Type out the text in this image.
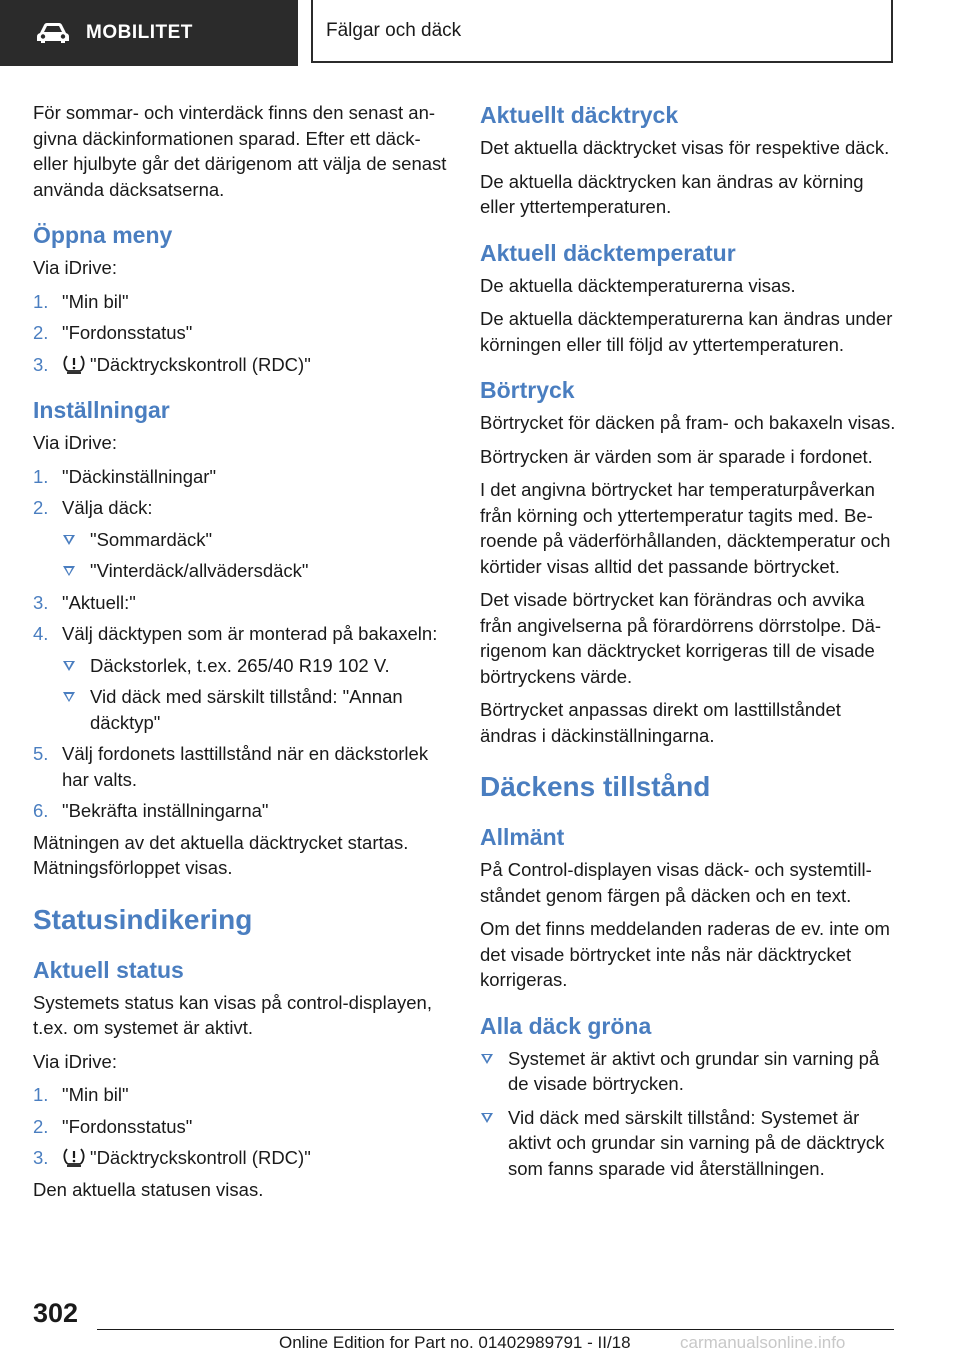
MOBILITET	Fälgar och däck

För sommar- och vinterdäck finns den senast angivna däckinformationen sparad. Efter ett däck- eller hjulbyte går det därigenom att välja de senast använda däcksatserna.

Öppna meny

Via iDrive:

1. "Min bil"
2. "Fordonsstatus"
3. "Däcktryckskontroll (RDC)"
Inställningar

Via iDrive:

1. "Däckinställningar"
2. Välja däck:
"Sommardäck"
"Vinterdäck/allvädersdäck"
3. "Aktuell:"
4. Välj däcktypen som är monterad på bakaxeln:
Däckstorlek, t.ex. 265/40 R19 102 V.
Vid däck med särskilt tillstånd: "Annan däcktyp"
5. Välj fordonets lasttillstånd när en däckstorlek har valts.
6. "Bekräfta inställningarna"

Mätningen av det aktuella däcktrycket startas. Mätningsförloppet visas.

Statusindikering
Aktuell status

Systemets status kan visas på control-displayen, t.ex. om systemet är aktivt.

Via iDrive:

1. "Min bil"
2. "Fordonsstatus"
3. "Däcktryckskontroll (RDC)"

Den aktuella statusen visas.

Aktuellt däcktryck

Det aktuella däcktrycket visas för respektive däck.

De aktuella däcktrycken kan ändras av körning eller yttertemperaturen.

Aktuell däcktemperatur

De aktuella däcktemperaturerna visas.

De aktuella däcktemperaturerna kan ändras under körningen eller till följd av yttertemperaturen.

Börtryck

Börtrycket för däcken på fram- och bakaxeln visas.

Börtrycken är värden som är sparade i fordonet.

I det angivna börtrycket har temperaturpåverkan från körning och yttertemperatur tagits med. Beroende på väderförhållanden, däcktemperatur och körtider visas alltid det passande börtrycket.

Det visade börtrycket kan förändras och avvika från angivelserna på förardörrens dörrstolpe. Därigenom kan däcktrycket korrigeras till de visade börtryckens värde.

Börtrycket anpassas direkt om lasttillståndet ändras i däckinställningarna.

Däckens tillstånd
Allmänt

På Control-displayen visas däck- och systemtillståndet genom färgen på däcken och en text.

Om det finns meddelanden raderas de ev. inte om det visade börtrycket inte nås när däcktrycket korrigeras.

Alla däck gröna
Systemet är aktivt och grundar sin varning på de visade börtrycken.
Vid däck med särskilt tillstånd: Systemet är aktivt och grundar sin varning på de däcktryck som fanns sparade vid återställningen.
302
Online Edition for Part no. 01402989791 - II/18	carmanualsonline.info
